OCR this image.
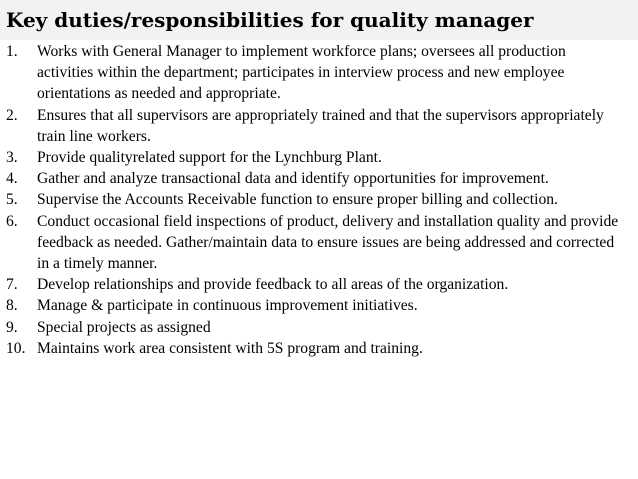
Key duties/responsibilities for quality manager
1. Works with General Manager to implement workforce plans; oversees all production activities within the department; participates in interview process and new employee orientations as needed and appropriate.
2. Ensures that all supervisors are appropriately trained and that the supervisors appropriately train line workers.
3. Provide qualityrelated support for the Lynchburg Plant.
4. Gather and analyze transactional data and identify opportunities for improvement.
5. Supervise the Accounts Receivable function to ensure proper billing and collection.
6. Conduct occasional field inspections of product, delivery and installation quality and provide feedback as needed. Gather/maintain data to ensure issues are being addressed and corrected in a timely manner.
7. Develop relationships and provide feedback to all areas of the organization.
8. Manage & participate in continuous improvement initiatives.
9. Special projects as assigned
10. Maintains work area consistent with 5S program and training.
